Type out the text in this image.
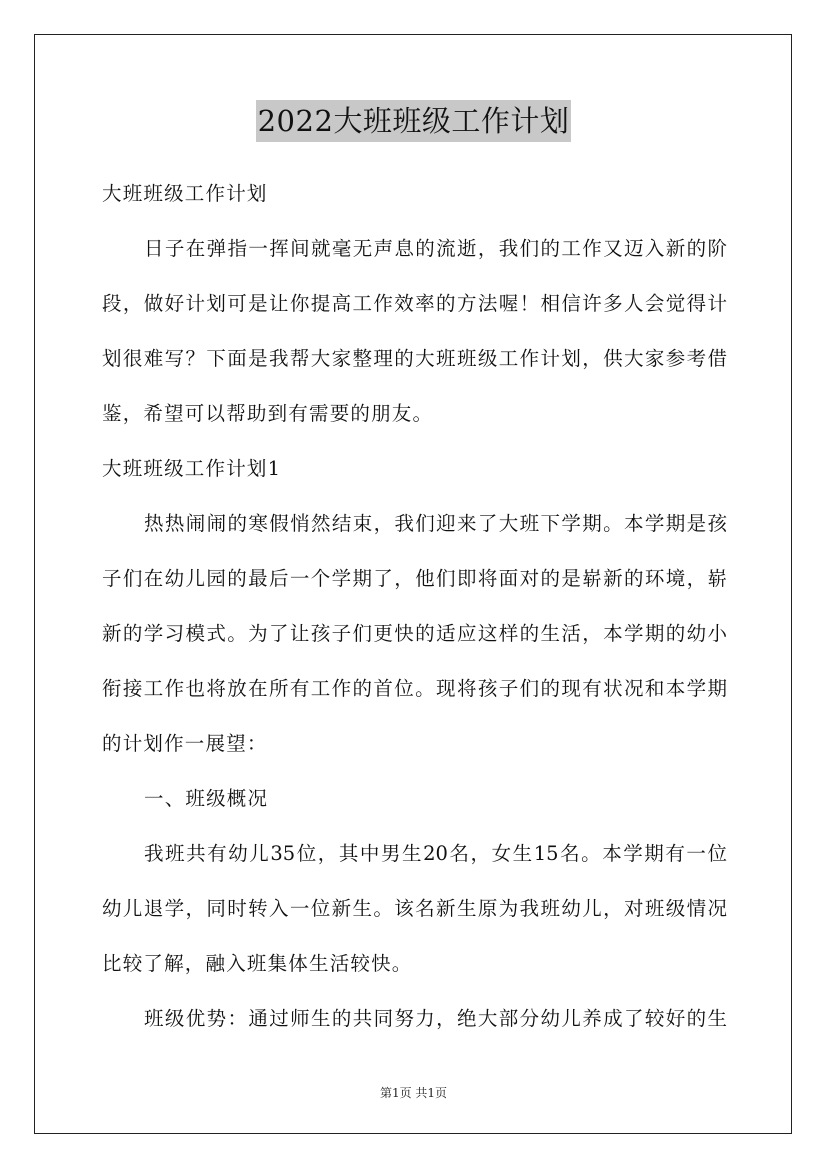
2022大班班级工作计划
大班班级工作计划
日子在弹指一挥间就毫无声息的流逝，我们的工作又迈入新的阶
段，做好计划可是让你提高工作效率的方法喔！相信许多人会觉得计
划很难写？下面是我帮大家整理的大班班级工作计划，供大家参考借
鉴，希望可以帮助到有需要的朋友。
大班班级工作计划1
热热闹闹的寒假悄然结束，我们迎来了大班下学期。本学期是孩
子们在幼儿园的最后一个学期了，他们即将面对的是崭新的环境，崭
新的学习模式。为了让孩子们更快的适应这样的生活，本学期的幼小
衔接工作也将放在所有工作的首位。现将孩子们的现有状况和本学期
的计划作一展望：
一、班级概况
我班共有幼儿35位，其中男生20名，女生15名。本学期有一位
幼儿退学，同时转入一位新生。该名新生原为我班幼儿，对班级情况
比较了解，融入班集体生活较快。
班级优势：通过师生的共同努力，绝大部分幼儿养成了较好的生
第1页 共1页
